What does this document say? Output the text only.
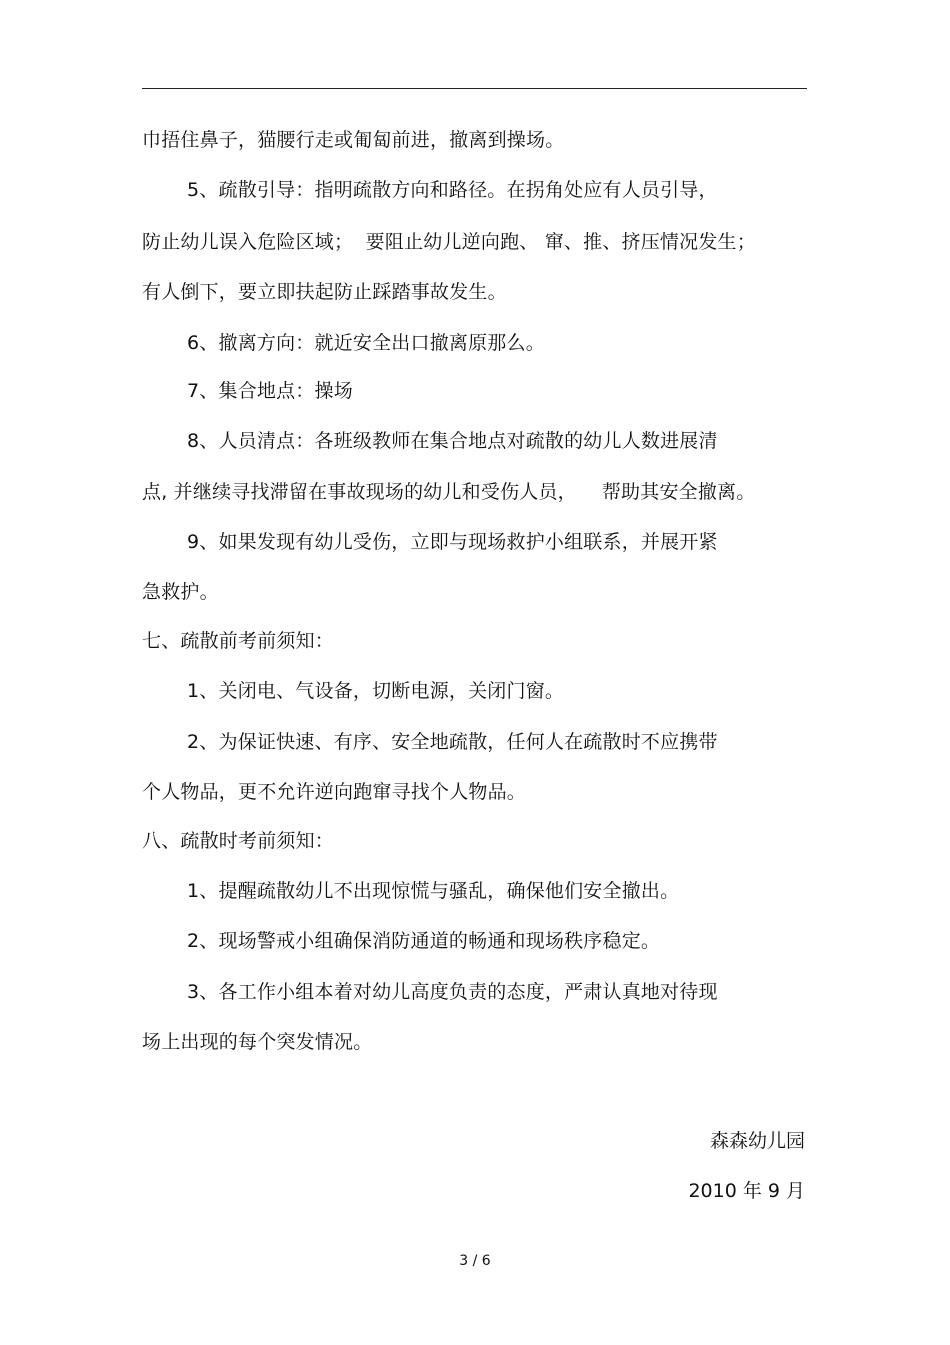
巾捂住鼻子，猫腰行走或匍匐前进，撤离到操场。
5、疏散引导：指明疏散方向和路径。在拐角处应有人员引导，
防止幼儿误入危险区域；  要阻止幼儿逆向跑、 窜、推、挤压情况发生；
有人倒下，要立即扶起防止踩踏事故发生。
6、撤离方向：就近安全出口撤离原那么。
7、集合地点：操场
8、人员清点：各班级教师在集合地点对疏散的幼儿人数进展清
点, 并继续寻找滞留在事故现场的幼儿和受伤人员，    帮助其安全撤离。
9、如果发现有幼儿受伤，立即与现场救护小组联系，并展开紧
急救护。
七、疏散前考前须知：
1、关闭电、气设备，切断电源，关闭门窗。
2、为保证快速、有序、安全地疏散，任何人在疏散时不应携带
个人物品，更不允许逆向跑窜寻找个人物品。
八、疏散时考前须知：
1、提醒疏散幼儿不出现惊慌与骚乱，确保他们安全撤出。
2、现场警戒小组确保消防通道的畅通和现场秩序稳定。
3、各工作小组本着对幼儿高度负责的态度，严肃认真地对待现
场上出现的每个突发情况。
森森幼儿园
2010 年 9 月
3 / 6
